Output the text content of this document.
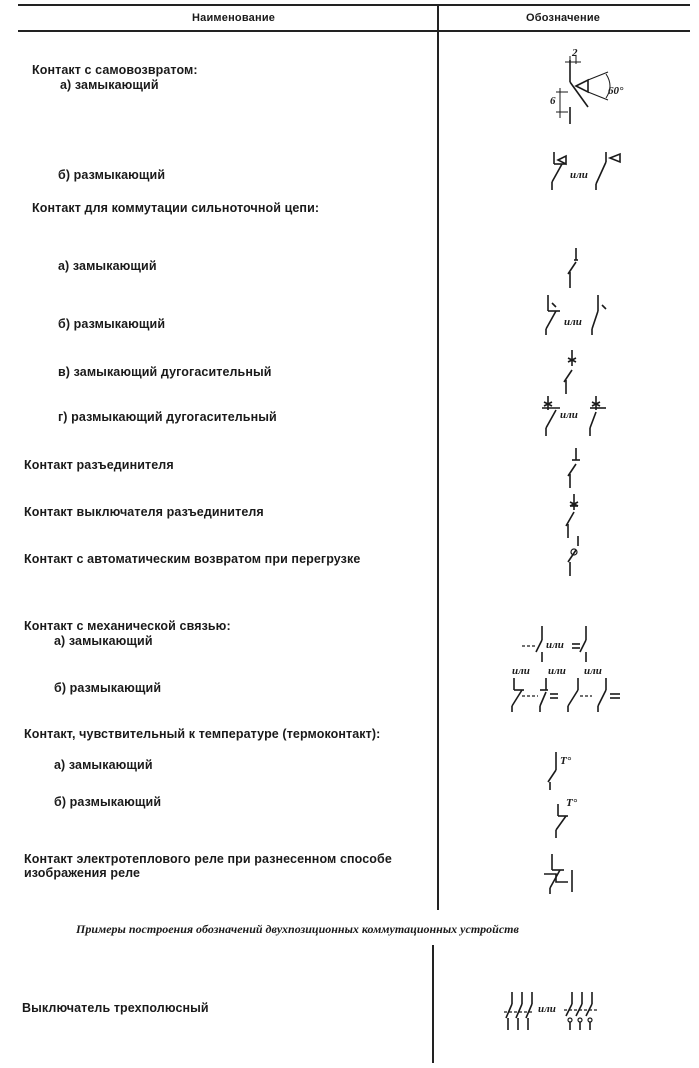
Наименование	Обозначение
Контакт с самовозвратом:
а) замыкающий
б) размыкающий
Контакт для коммутации сильноточной цепи:
а) замыкающий
б) размыкающий
в) замыкающий дугогасительный
г) размыкающий дугогасительный
Контакт разъединителя
Контакт выключателя разъединителя
Контакт с автоматическим возвратом при перегрузке
Контакт с механической связью:
а) замыкающий
б) размыкающий
Контакт, чувствительный к температуре (термоконтакт):
а) замыкающий
б) размыкающий
Контакт электротеплового реле при разнесенном способе
изображения реле
Примеры построения обозначений двухпозиционных коммутационных устройств
Выключатель трехполюсный
2
6
60°
или
или
или
или
или или или
T°
T°
или
